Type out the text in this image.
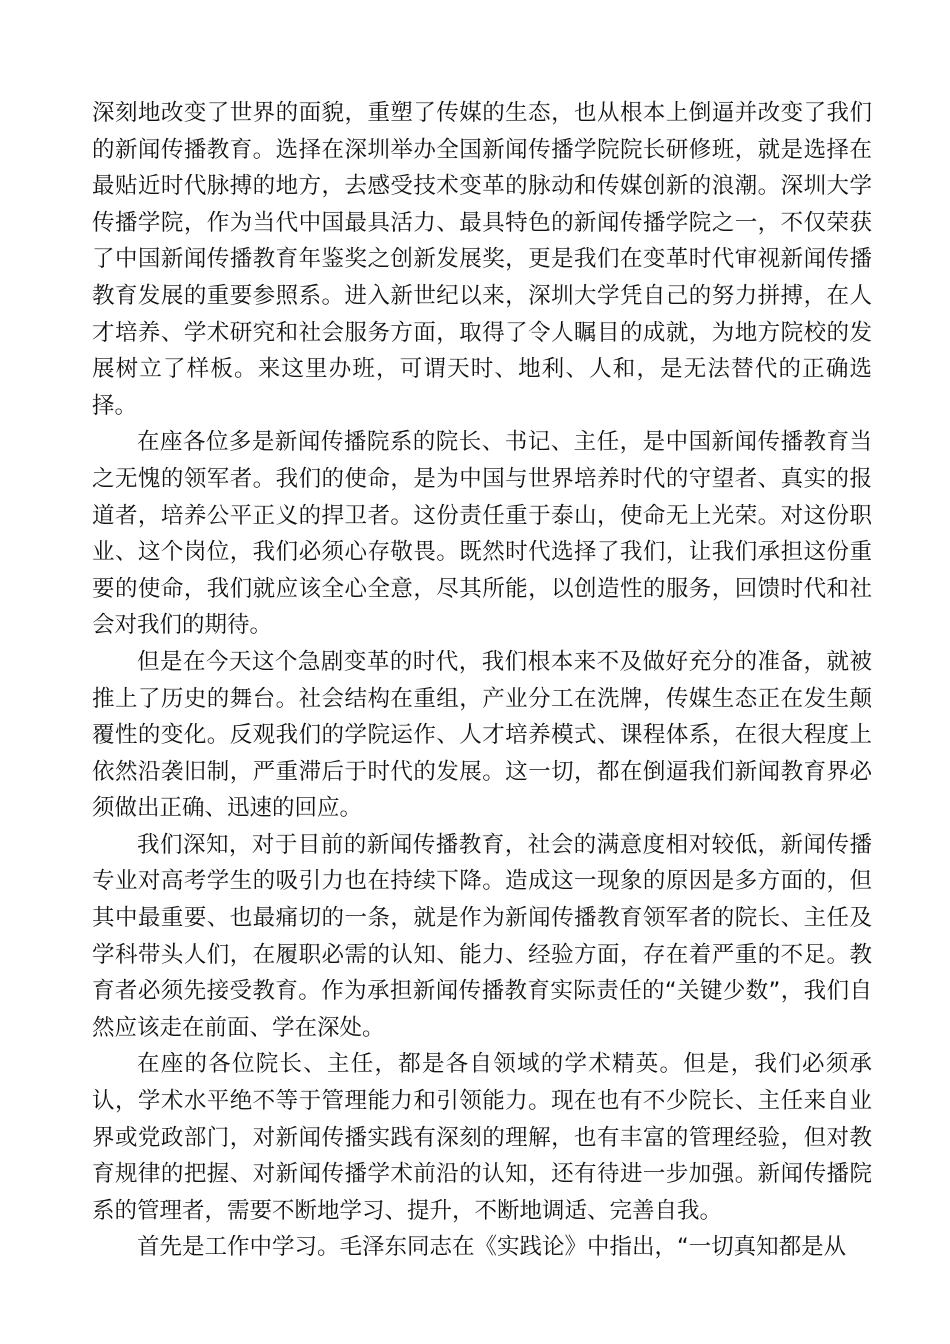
深刻地改变了世界的面貌，重塑了传媒的生态，也从根本上倒逼并改变了我们的新闻传播教育。选择在深圳举办全国新闻传播学院院长研修班，就是选择在最贴近时代脉搏的地方，去感受技术变革的脉动和传媒创新的浪潮。深圳大学传播学院，作为当代中国最具活力、最具特色的新闻传播学院之一，不仅荣获了中国新闻传播教育年鉴奖之创新发展奖，更是我们在变革时代审视新闻传播教育发展的重要参照系。进入新世纪以来，深圳大学凭自己的努力拼搏，在人才培养、学术研究和社会服务方面，取得了令人瞩目的成就，为地方院校的发展树立了样板。来这里办班，可谓天时、地利、人和，是无法替代的正确选择。

在座各位多是新闻传播院系的院长、书记、主任，是中国新闻传播教育当之无愧的领军者。我们的使命，是为中国与世界培养时代的守望者、真实的报道者，培养公平正义的捍卫者。这份责任重于泰山，使命无上光荣。对这份职业、这个岗位，我们必须心存敬畏。既然时代选择了我们，让我们承担这份重要的使命，我们就应该全心全意，尽其所能，以创造性的服务，回馈时代和社会对我们的期待。

但是在今天这个急剧变革的时代，我们根本来不及做好充分的准备，就被推上了历史的舞台。社会结构在重组，产业分工在洗牌，传媒生态正在发生颠覆性的变化。反观我们的学院运作、人才培养模式、课程体系，在很大程度上依然沿袭旧制，严重滞后于时代的发展。这一切，都在倒逼我们新闻教育界必须做出正确、迅速的回应。

我们深知，对于目前的新闻传播教育，社会的满意度相对较低，新闻传播专业对高考学生的吸引力也在持续下降。造成这一现象的原因是多方面的，但其中最重要、也最痛切的一条，就是作为新闻传播教育领军者的院长、主任及学科带头人们，在履职必需的认知、能力、经验方面，存在着严重的不足。教育者必须先接受教育。作为承担新闻传播教育实际责任的“关键少数”，我们自然应该走在前面、学在深处。

在座的各位院长、主任，都是各自领域的学术精英。但是，我们必须承认，学术水平绝不等于管理能力和引领能力。现在也有不少院长、主任来自业界或党政部门，对新闻传播实践有深刻的理解，也有丰富的管理经验，但对教育规律的把握、对新闻传播学术前沿的认知，还有待进一步加强。新闻传播院系的管理者，需要不断地学习、提升，不断地调适、完善自我。

首先是工作中学习。毛泽东同志在《实践论》中指出，“一切真知都是从
